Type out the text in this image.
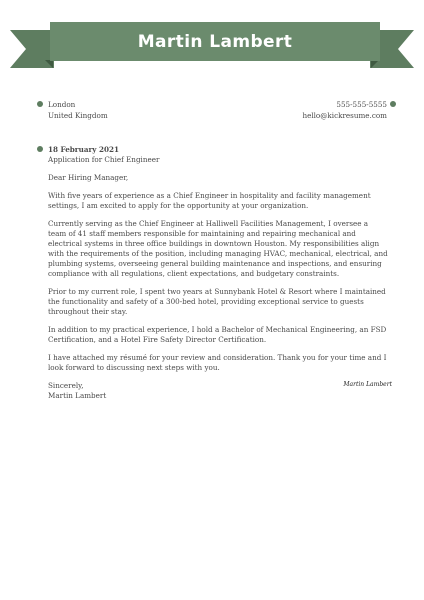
Martin Lambert
London
United Kingdom
555-555-5555
hello@kickresume.com
18 February 2021
Application for Chief Engineer

Dear Hiring Manager,

With five years of experience as a Chief Engineer in hospitality and facility management settings, I am excited to apply for the opportunity at your organization.

Currently serving as the Chief Engineer at Halliwell Facilities Management, I oversee a team of 41 staff members responsible for maintaining and repairing mechanical and electrical systems in three office buildings in downtown Houston. My responsibilities align with the requirements of the position, including managing HVAC, mechanical, electrical, and plumbing systems, overseeing general building maintenance and inspections, and ensuring compliance with all regulations, client expectations, and budgetary constraints.

Prior to my current role, I spent two years at Sunnybank Hotel & Resort where I maintained the functionality and safety of a 300-bed hotel, providing exceptional service to guests throughout their stay.

In addition to my practical experience, I hold a Bachelor of Mechanical Engineering, an FSD Certification, and a Hotel Fire Safety Director Certification.

I have attached my résumé for your review and consideration. Thank you for your time and I look forward to discussing next steps with you.

Sincerely,
Martin Lambert
Martin Lambert
